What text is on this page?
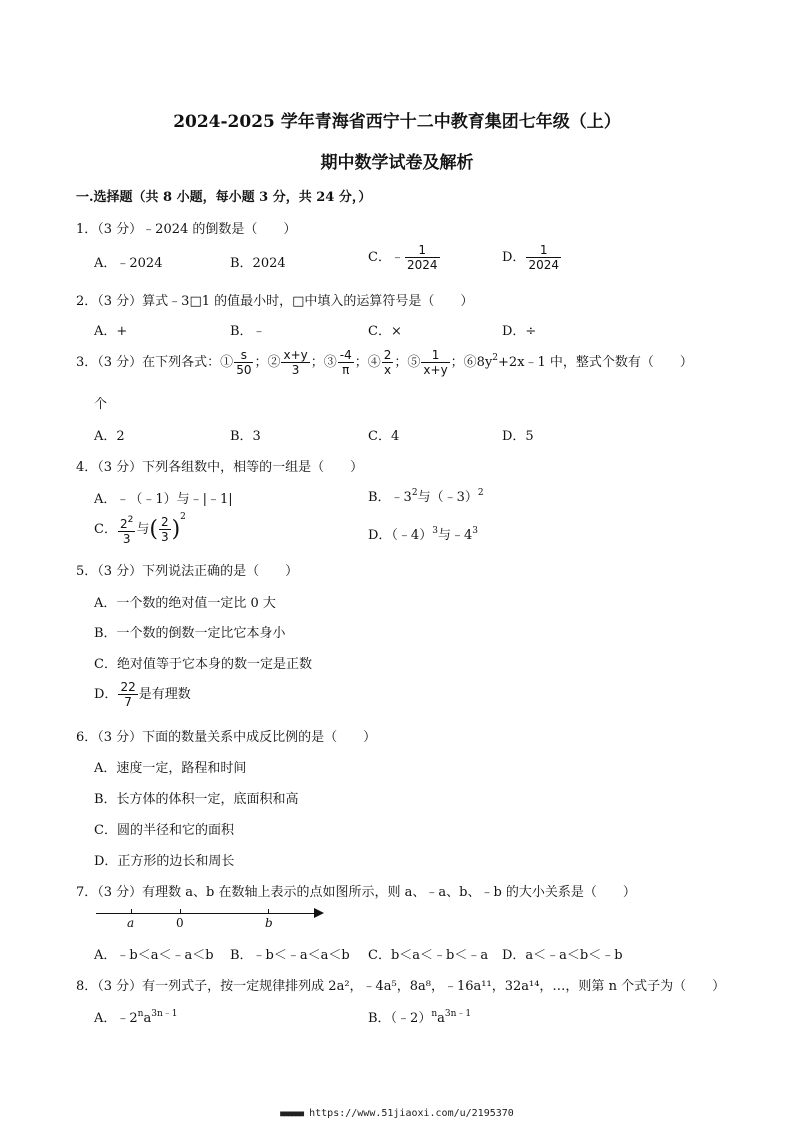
2024-2025 学年青海省西宁十二中教育集团七年级（上）
期中数学试卷及解析
一.选择题（共 8 小题，每小题 3 分，共 24 分，）
1．（3 分）﹣2024 的倒数是（　　）
A．﹣2024	B．2024	C．﹣ $\frac{1}{2024}$	D． $\frac{1}{2024}$
2．（3 分）算式﹣3□1 的值最小时，□中填入的运算符号是（　　）
A．+	B．﹣	C．×	D．÷
3．（3 分）在下列各式：① $\frac{s}{50}$ ；② $\frac{x+y}{3}$ ；③ $\frac{-4}{\pi}$ ；④ $\frac{2}{x}$ ；⑤ $\frac{1}{x+y}$ ；$⑥8y^2+2x﹣1$ 中，整式个数有（　　）
个
A．2	B．3	C．4	D．5
4．（3 分）下列各组数中，相等的一组是（　　）
A．﹣（﹣1）与﹣|﹣1|	B．$﹣3^2$与（﹣3）$^2$
C． $\frac{2^2}{3}$ 与( $\frac{2}{3} )^2$
D．（﹣4）$^3$与$﹣4^3$
5．（3 分）下列说法正确的是（　　）
A．一个数的绝对值一定比 0 大
B．一个数的倒数一定比它本身小
C．绝对值等于它本身的数一定是正数
D． $\frac{22}{7}$ 是有理数
6．（3 分）下面的数量关系中成反比例的是（　　）
A．速度一定，路程和时间
B．长方体的体积一定，底面积和高
C．圆的半径和它的面积
D．正方形的边长和周长
7．（3 分）有理数 a、b 在数轴上表示的点如图所示，则 a、﹣a、b、﹣b 的大小关系是（　　）
a	0	b
A．﹣b＜a＜﹣a＜b B．﹣b＜﹣a＜a＜b C．b＜a＜﹣b＜﹣a D．a＜﹣a＜b＜﹣b
8．（3 分）有一列式子，按一定规律排列成 2a²，﹣4a⁵，8a⁸，﹣16a¹¹，32a¹⁴，…，则第 n 个式子为（　　）
A．$﹣2^na^{3n﹣1}$	B．$(﹣2)^na^{3n﹣1}$
■■■■■■ https://www.51jiaoxi.com/u/2195370
